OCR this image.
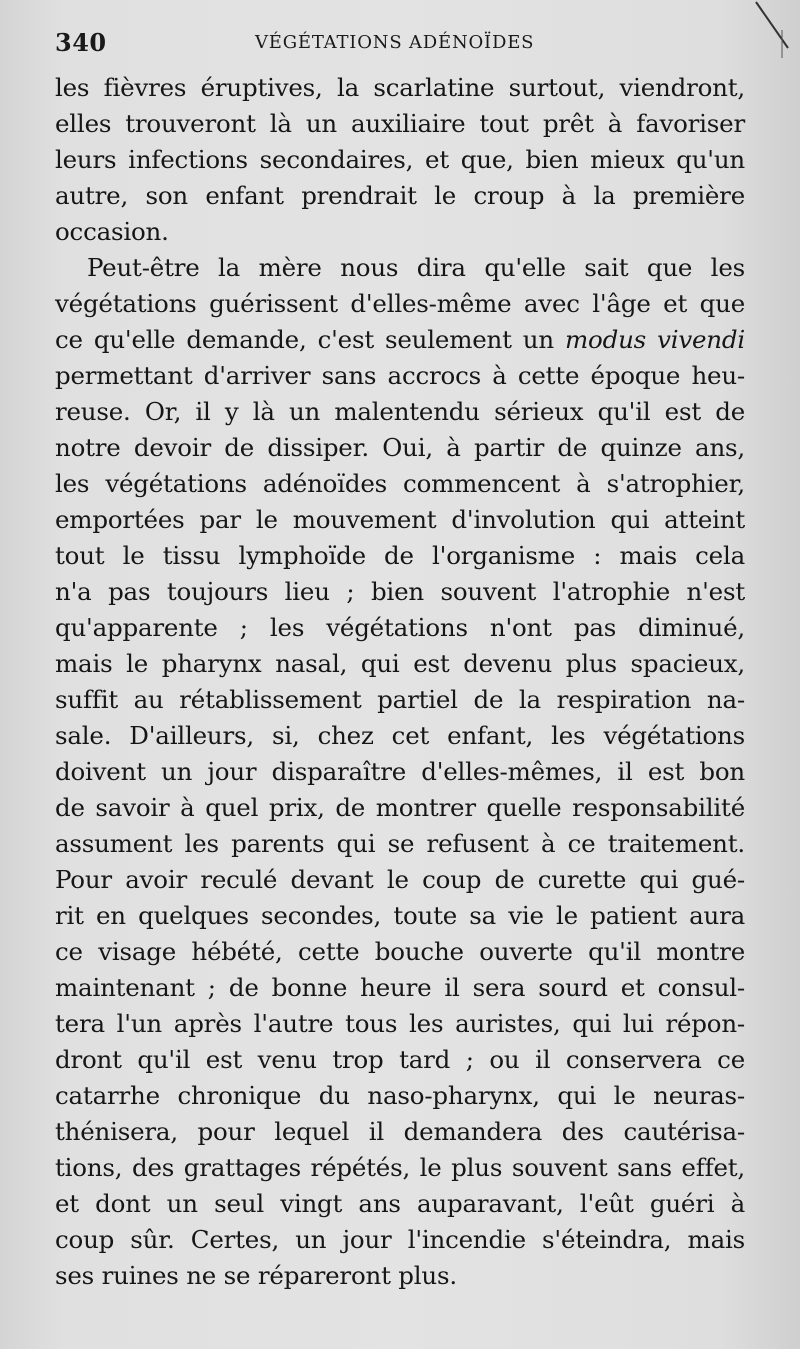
340	VÉGÉTATIONS ADÉNOÏDES
les fièvres éruptives, la scarlatine surtout, viendront,
elles trouveront là un auxiliaire tout prêt à favoriser
leurs infections secondaires, et que, bien mieux qu'un
autre, son enfant prendrait le croup à la première
occasion.
Peut-être la mère nous dira qu'elle sait que les
végétations guérissent d'elles-même avec l'âge et que
ce qu'elle demande, c'est seulement un modus vivendi
permettant d'arriver sans accrocs à cette époque heu-
reuse. Or, il y là un malentendu sérieux qu'il est de
notre devoir de dissiper. Oui, à partir de quinze ans,
les végétations adénoïdes commencent à s'atrophier,
emportées par le mouvement d'involution qui atteint
tout le tissu lymphoïde de l'organisme : mais cela
n'a pas toujours lieu ; bien souvent l'atrophie n'est
qu'apparente ; les végétations n'ont pas diminué,
mais le pharynx nasal, qui est devenu plus spacieux,
suffit au rétablissement partiel de la respiration na-
sale. D'ailleurs, si, chez cet enfant, les végétations
doivent un jour disparaître d'elles-mêmes, il est bon
de savoir à quel prix, de montrer quelle responsabilité
assument les parents qui se refusent à ce traitement.
Pour avoir reculé devant le coup de curette qui gué-
rit en quelques secondes, toute sa vie le patient aura
ce visage hébété, cette bouche ouverte qu'il montre
maintenant ; de bonne heure il sera sourd et consul-
tera l'un après l'autre tous les auristes, qui lui répon-
dront qu'il est venu trop tard ; ou il conservera ce
catarrhe chronique du naso-pharynx, qui le neuras-
thénisera, pour lequel il demandera des cautérisa-
tions, des grattages répétés, le plus souvent sans effet,
et dont un seul vingt ans auparavant, l'eût guéri à
coup sûr. Certes, un jour l'incendie s'éteindra, mais
ses ruines ne se répareront plus.
